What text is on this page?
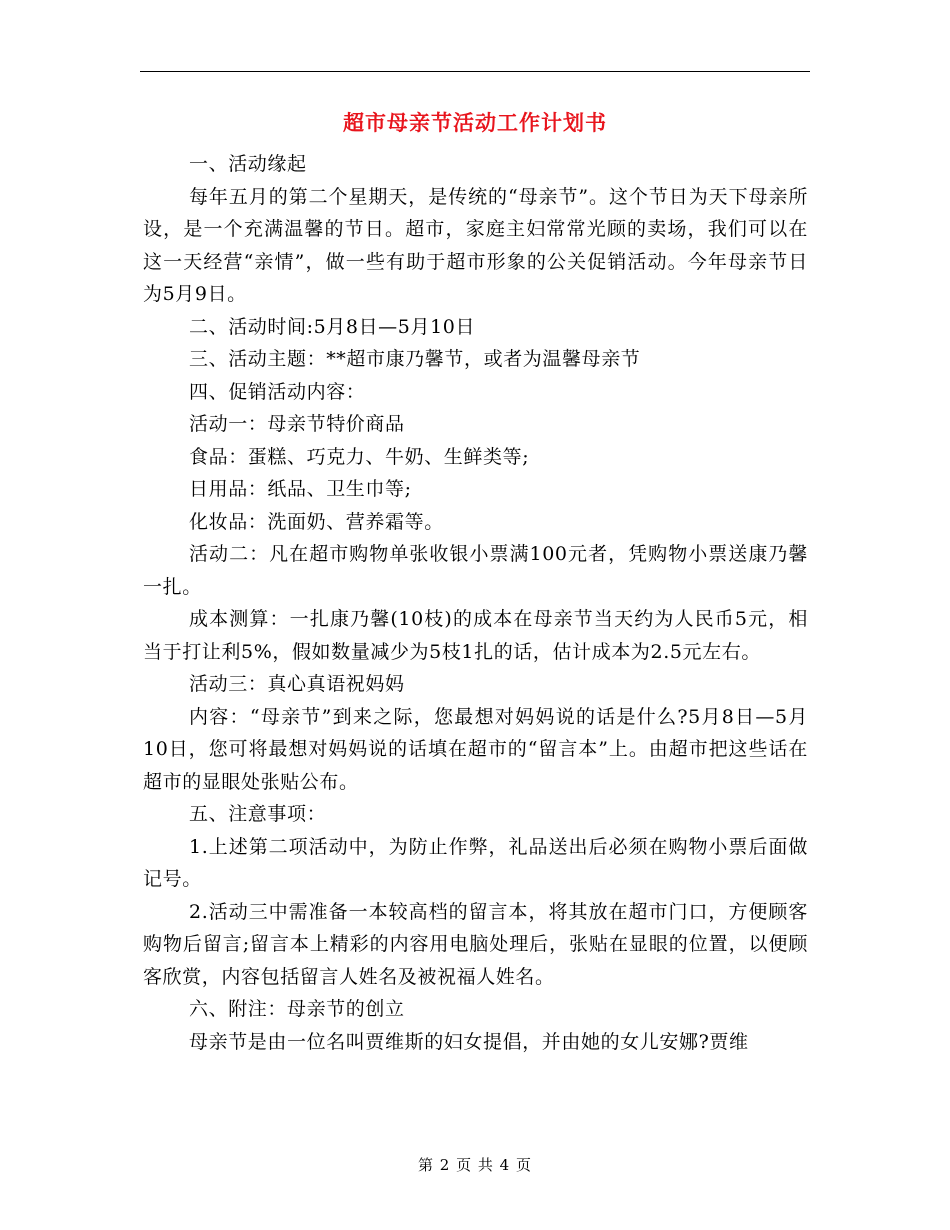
超市母亲节活动工作计划书

一、活动缘起

每年五月的第二个星期天，是传统的“母亲节”。这个节日为天下母亲所设，是一个充满温馨的节日。超市，家庭主妇常常光顾的卖场，我们可以在这一天经营“亲情”，做一些有助于超市形象的公关促销活动。今年母亲节日为5月9日。

二、活动时间:5月8日—5月10日

三、活动主题：**超市康乃馨节，或者为温馨母亲节

四、促销活动内容：

活动一：母亲节特价商品

食品：蛋糕、巧克力、牛奶、生鲜类等;

日用品：纸品、卫生巾等;

化妆品：洗面奶、营养霜等。

活动二：凡在超市购物单张收银小票满100元者，凭购物小票送康乃馨一扎。

成本测算：一扎康乃馨(10枝)的成本在母亲节当天约为人民币5元，相当于打让利5%，假如数量减少为5枝1扎的话，估计成本为2.5元左右。

活动三：真心真语祝妈妈

内容：“母亲节”到来之际，您最想对妈妈说的话是什么?5月8日—5月10日，您可将最想对妈妈说的话填在超市的“留言本”上。由超市把这些话在超市的显眼处张贴公布。

五、注意事项：

1.上述第二项活动中，为防止作弊，礼品送出后必须在购物小票后面做记号。

2.活动三中需准备一本较高档的留言本，将其放在超市门口，方便顾客购物后留言;留言本上精彩的内容用电脑处理后，张贴在显眼的位置，以便顾客欣赏，内容包括留言人姓名及被祝福人姓名。

六、附注：母亲节的创立

母亲节是由一位名叫贾维斯的妇女提倡，并由她的女儿安娜?贾维

第 2 页 共 4 页
